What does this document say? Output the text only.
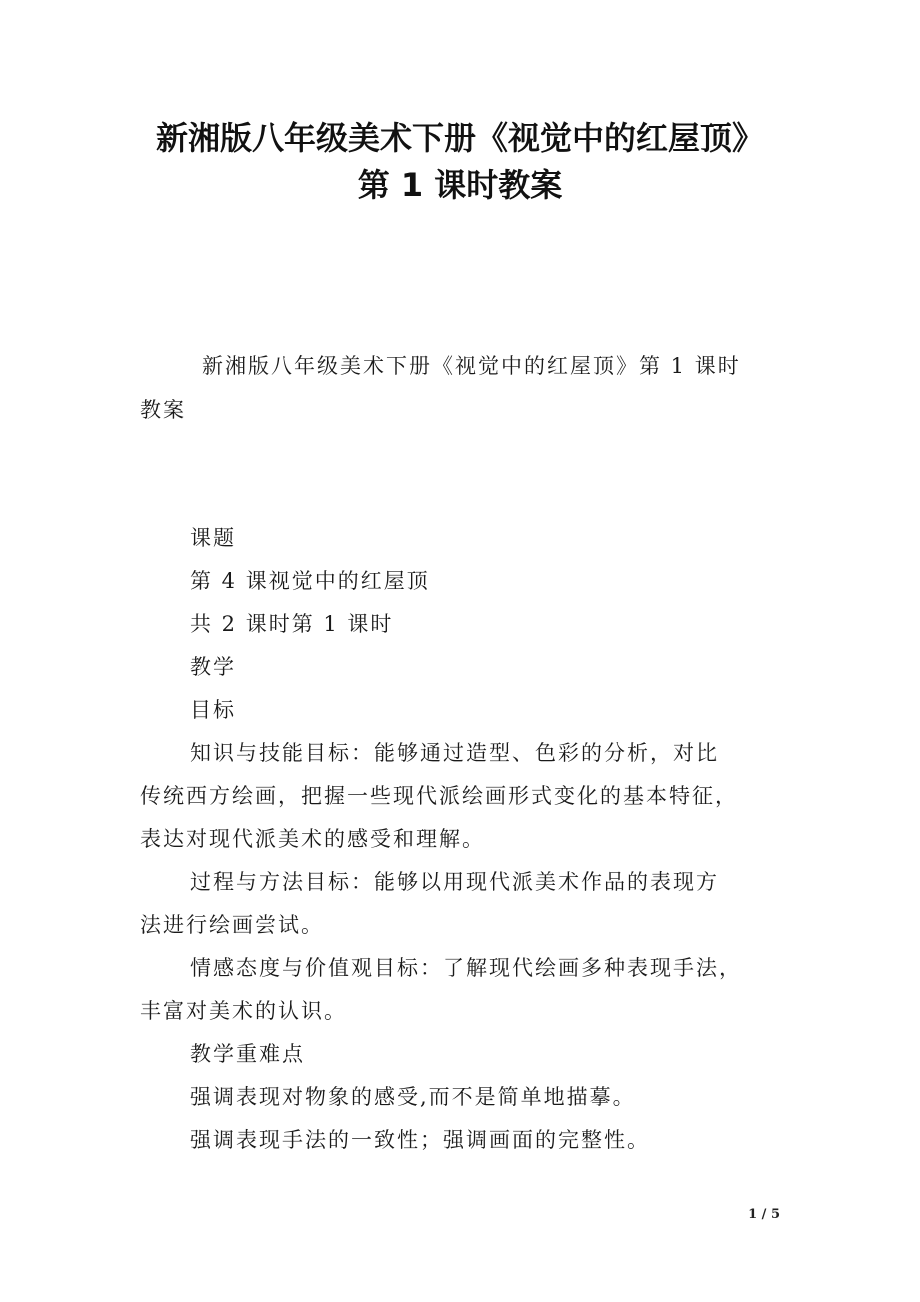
新湘版八年级美术下册《视觉中的红屋顶》
第 1 课时教案
新湘版八年级美术下册《视觉中的红屋顶》第 1 课时
教案
课题
第 4 课视觉中的红屋顶
共 2 课时第 1 课时
教学
目标
知识与技能目标：能够通过造型、色彩的分析，对比
传统西方绘画，把握一些现代派绘画形式变化的基本特征，
表达对现代派美术的感受和理解。
过程与方法目标：能够以用现代派美术作品的表现方
法进行绘画尝试。
情感态度与价值观目标：了解现代绘画多种表现手法，
丰富对美术的认识。
教学重难点
强调表现对物象的感受,而不是简单地描摹。
强调表现手法的一致性；强调画面的完整性。
1 / 5
